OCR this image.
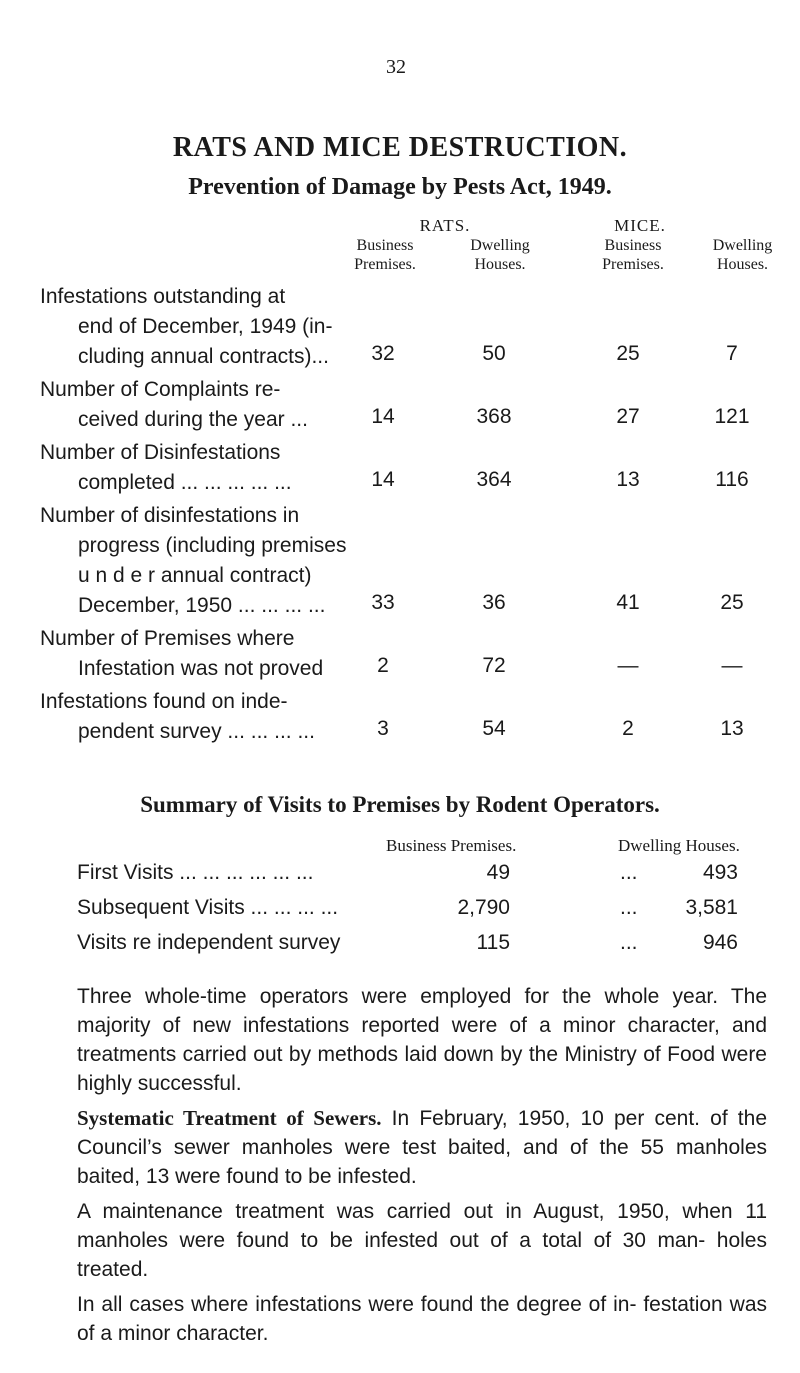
32
RATS AND MICE DESTRUCTION.
Prevention of Damage by Pests Act, 1949.
RATS.	MICE.
Business
Premises.
Dwelling
Houses.
Business
Premises.
Dwelling
Houses.
Infestations outstanding at
end of December, 1949 (in-
cluding annual contracts)...	32	50	25	7
Number of Complaints re-
ceived during the year ...	14	368	27	121
Number of Disinfestations
completed ... ... ... ... ...	14	364	13	116
Number of disinfestations in
progress (including premises
u n d e r annual contract)
December, 1950 ... ... ... ...	33	36	41	25
Number of Premises where
Infestation was not proved	2	72	—	—
Infestations found on inde-
pendent survey ... ... ... ...	3	54	2	13
Summary of Visits to Premises by Rodent Operators.
Business Premises.	Dwelling Houses.
First Visits ... ... ... ... ... ...	49	...	493
Subsequent Visits ... ... ... ...	2,790	...	3,581
Visits re independent survey	115	...	946
Three whole-time operators were employed for the whole year. The majority of new infestations reported were of a minor character, and treatments carried out by methods laid down by the Ministry of Food were highly successful.
Systematic Treatment of Sewers. In February, 1950, 10 per cent. of the Council’s sewer manholes were test baited, and of the 55 manholes baited, 13 were found to be infested.
A maintenance treatment was carried out in August, 1950, when 11 manholes were found to be infested out of a total of 30 man- holes treated.
In all cases where infestations were found the degree of in- festation was of a minor character.
